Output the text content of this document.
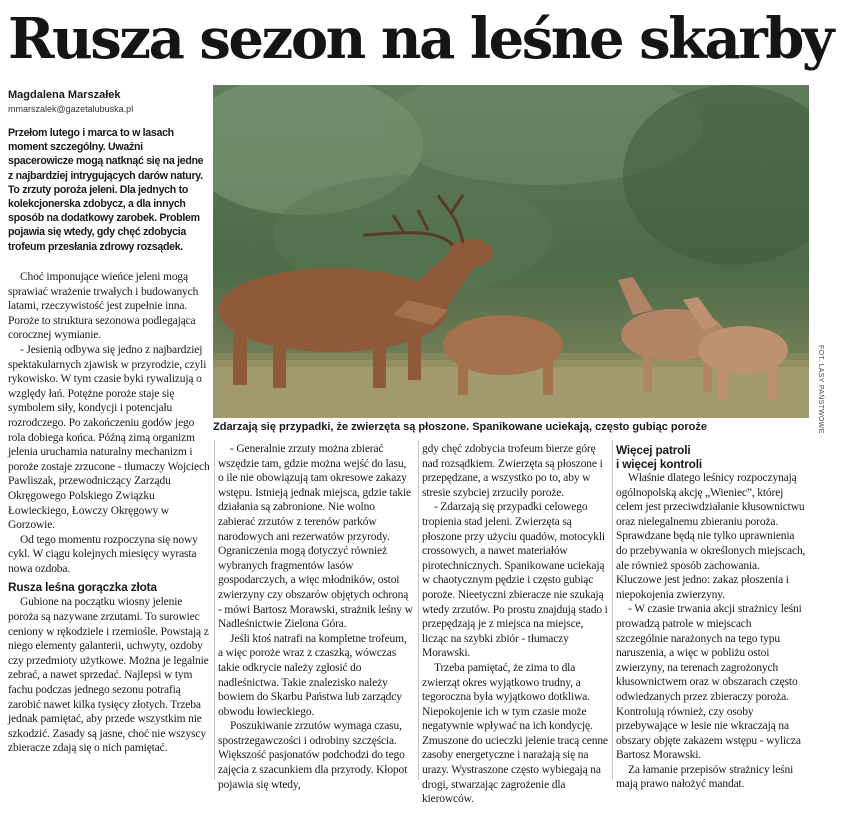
Rusza sezon na leśne skarby
Magdalena Marszałek
mmarszalek@gazetalubuska.pl

Przełom lutego i marca to w lasach moment szczególny. Uważni spacerowicze mogą natknąć się na jedne z najbardziej intrygujących darów natury. To zrzuty poroża jeleni. Dla jednych to kolekcjonerska zdobycz, a dla innych sposób na dodatkowy zarobek. Problem pojawia się wtedy, gdy chęć zdobycia trofeum przesłania zdrowy rozsądek.

FOT. LASY PAŃSTWOWE
Zdarzają się przypadki, że zwierzęta są płoszone. Spanikowane uciekają, często gubiąc poroże

Choć imponujące wieńce jeleni mogą sprawiać wrażenie trwałych i budowanych latami, rzeczywistość jest zupełnie inna. Poroże to struktura sezonowa podlegająca corocznej wymianie.

- Jesienią odbywa się jedno z najbardziej spektakularnych zjawisk w przyrodzie, czyli rykowisko. W tym czasie byki rywalizują o względy łań. Potężne poroże staje się symbolem siły, kondycji i potencjału rozrodczego. Po zakończeniu godów jego rola dobiega końca. Późną zimą organizm jelenia uruchamia naturalny mechanizm i poroże zostaje zrzucone - tłumaczy Wojciech Pawliszak, przewodniczący Zarządu Okręgowego Polskiego Związku Łowieckiego, Łowczy Okręgowy w Gorzowie.

Od tego momentu rozpoczyna się nowy cykl. W ciągu kolejnych miesięcy wyrasta nowa ozdoba.

Rusza leśna gorączka złota

Gubione na początku wiosny jelenie poroża są nazywane zrzutami. To surowiec ceniony w rękodziele i rzemiośle. Powstają z niego elementy galanterii, uchwyty, ozdoby czy przedmioty użytkowe. Można je legalnie zebrać, a nawet sprzedać. Najlepsi w tym fachu podczas jednego sezonu potrafią zarobić nawet kilka tysięcy złotych. Trzeba jednak pamiętać, aby przede wszystkim nie szkodzić. Zasady są jasne, choć nie wszyscy zbieracze zdają się o nich pamiętać.

- Generalnie zrzuty można zbierać wszędzie tam, gdzie można wejść do lasu, o ile nie obowiązują tam okresowe zakazy wstępu. Istnieją jednak miejsca, gdzie takie działania są zabronione. Nie wolno zabierać zrzutów z terenów parków narodowych ani rezerwatów przyrody. Ograniczenia mogą dotyczyć również wybranych fragmentów lasów gospodarczych, a więc młodników, ostoi zwierzyny czy obszarów objętych ochroną - mówi Bartosz Morawski, strażnik leśny w Nadleśnictwie Zielona Góra.

Jeśli ktoś natrafi na kompletne trofeum, a więc poroże wraz z czaszką, wówczas takie odkrycie należy zgłosić do nadleśnictwa. Takie znalezisko należy bowiem do Skarbu Państwa lub zarządcy obwodu łowieckiego.

Poszukiwanie zrzutów wymaga czasu, spostrzegawczości i odrobiny szczęścia. Większość pasjonatów podchodzi do tego zajęcia z szacunkiem dla przyrody. Kłopot pojawia się wtedy,

gdy chęć zdobycia trofeum bierze górę nad rozsądkiem. Zwierzęta są płoszone i przepędzane, a wszystko po to, aby w stresie szybciej zrzuciły poroże.

- Zdarzają się przypadki celowego tropienia stad jeleni. Zwierzęta są płoszone przy użyciu quadów, motocykli crossowych, a nawet materiałów pirotechnicznych. Spanikowane uciekają w chaotycznym pędzie i często gubiąc poroże. Nieetyczni zbieracze nie szukają wtedy zrzutów. Po prostu znajdują stado i przepędzają je z miejsca na miejsce, licząc na szybki zbiór - tłumaczy Morawski.

Trzeba pamiętać, że zima to dla zwierząt okres wyjątkowo trudny, a tegoroczna była wyjątkowo dotkliwa. Niepokojenie ich w tym czasie może negatywnie wpływać na ich kondycję. Zmuszone do ucieczki jelenie tracą cenne zasoby energetyczne i narażają się na urazy. Wystraszone często wybiegają na drogi, stwarzając zagrożenie dla kierowców.

Więcej patroli
i więcej kontroli

Właśnie dlatego leśnicy rozpoczynają ogólnopolską akcję „Wieniec”, której celem jest przeciwdziałanie kłusownictwu oraz nielegalnemu zbieraniu poroża. Sprawdzane będą nie tylko uprawnienia do przebywania w określonych miejscach, ale również sposób zachowania. Kluczowe jest jedno: zakaz płoszenia i niepokojenia zwierzyny.

- W czasie trwania akcji strażnicy leśni prowadzą patrole w miejscach szczególnie narażonych na tego typu naruszenia, a więc w pobliżu ostoi zwierzyny, na terenach zagrożonych kłusownictwem oraz w obszarach często odwiedzanych przez zbieraczy poroża. Kontrolują również, czy osoby przebywające w lesie nie wkraczają na obszary objęte zakazem wstępu - wylicza Bartosz Morawski.

Za łamanie przepisów strażnicy leśni mają prawo nałożyć mandat.
